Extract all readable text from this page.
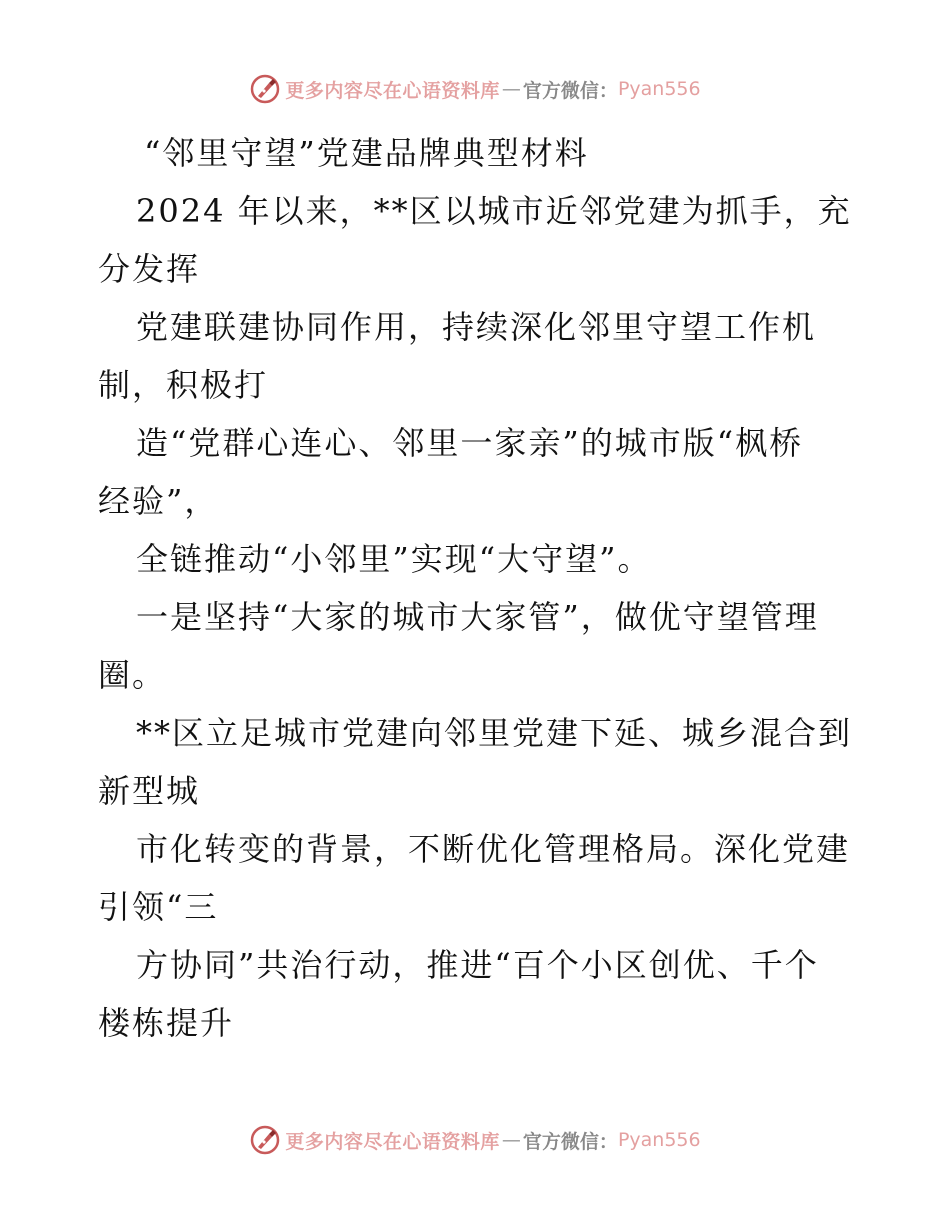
更多内容尽在心语资料库 — 官方微信： Pyan556
“邻里守望”党建品牌典型材料
2024 年以来，**区以城市近邻党建为抓手，充
分发挥
党建联建协同作用，持续深化邻里守望工作机
制，积极打
造“党群心连心、邻里一家亲”的城市版“枫桥
经验”，
全链推动“小邻里”实现“大守望”。
一是坚持“大家的城市大家管”，做优守望管理
圈。
**区立足城市党建向邻里党建下延、城乡混合到
新型城
市化转变的背景，不断优化管理格局。深化党建
引领“三
方协同”共治行动，推进“百个小区创优、千个
楼栋提升
更多内容尽在心语资料库 — 官方微信： Pyan556
